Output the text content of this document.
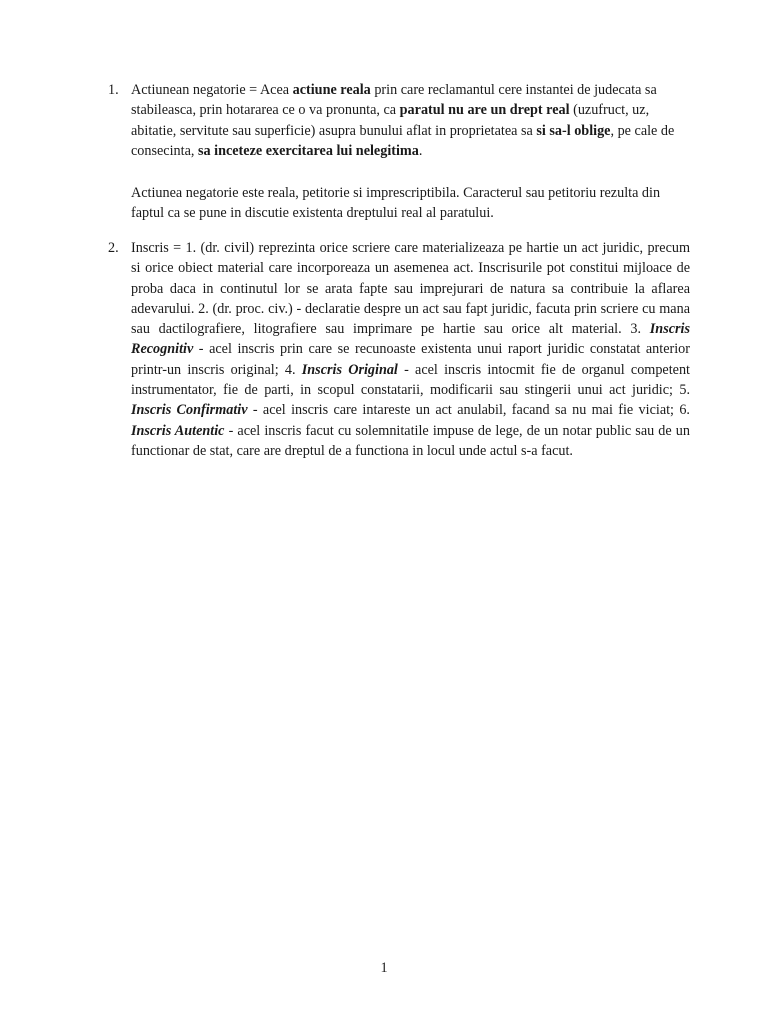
1. Actiunean negatorie = Acea actiune reala prin care reclamantul cere instantei de judecata sa stabileasca, prin hotararea ce o va pronunta, ca paratul nu are un drept real (uzufruct, uz, abitatie, servitute sau superficie) asupra bunului aflat in proprietatea sa si sa-l oblige, pe cale de consecinta, sa inceteze exercitarea lui nelegitima.
Actiunea negatorie este reala, petitorie si imprescriptibila. Caracterul sau petitoriu rezulta din faptul ca se pune in discutie existenta dreptului real al paratului.
2. Inscris = 1. (dr. civil) reprezinta orice scriere care materializeaza pe hartie un act juridic, precum si orice obiect material care incorporeaza un asemenea act. Inscrisurile pot constitui mijloace de proba daca in continutul lor se arata fapte sau imprejurari de natura sa contribuie la aflarea adevarului. 2. (dr. proc. civ.) - declaratie despre un act sau fapt juridic, facuta prin scriere cu mana sau dactilografiere, litografiere sau imprimare pe hartie sau orice alt material. 3. Inscris Recognitiv - acel inscris prin care se recunoaste existenta unui raport juridic constatat anterior printr-un inscris original; 4. Inscris Original - acel inscris intocmit fie de organul competent instrumentator, fie de parti, in scopul constatarii, modificarii sau stingerii unui act juridic; 5. Inscris Confirmativ - acel inscris care intareste un act anulabil, facand sa nu mai fie viciat; 6. Inscris Autentic - acel inscris facut cu solemnitatile impuse de lege, de un notar public sau de un functionar de stat, care are dreptul de a functiona in locul unde actul s-a facut.
1
